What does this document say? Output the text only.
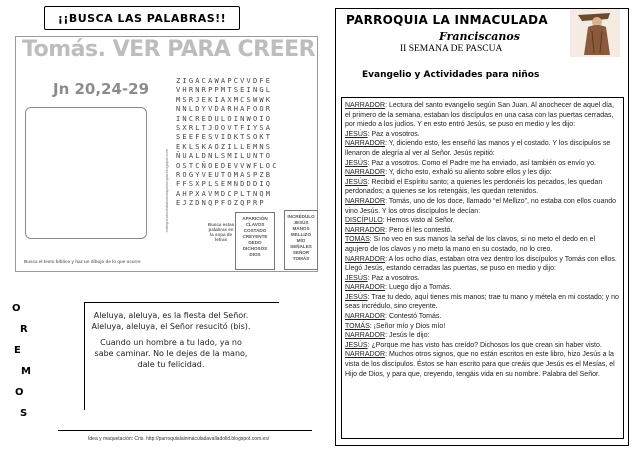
¡¡BUSCA LAS PALABRAS!!
Tomás. VER PARA CREER
Jn 20,24-29
catequesiscristianaenlaparroquia.blogspot.com
ZIGACAWAPCVVDFE
VHRNRPPMTSEINGL
MSRJEKIAXMCSWWK
NNLDYVDARHAFOOR
INCREDULOINWOIO
SXRLTJOOVTFIYSA
SEEFESVIDKTSOKT
EKLSKAOZILLEMNS
ÑUALDNLSMILUNTO
OSTCÑOEDEVVWFLOC
ROGYVEUTOMASPZB
FFSXPLSEMNDDDIQ
AHPXAVMDCPLTNQM
EJZDNQPFOZQPRP
Busca estas palabras en la sopa de letras
APARICIÓN
CLAVOS
COSTADO
CREYENTE
DEDO
DICHOSOS
DIOS
INCRÉDULO
JESÚS
MANOS
MELLIZO
MÍO
SEÑALES
SEÑOR
TOMÁS
Busca el texto bíblico y haz un dibujo de lo que ocurre
O
R
E
M
O
S

Aleluya, aleluya, es la fiesta del Señor.

Aleluya, aleluya, el Señor resucitó (bis).

Cuando un hombre a tu lado, ya no sabe caminar. No le dejes de la mano, dale tu felicidad.

Idea y maquetación: Cris. http://parroquialainmaculadavalladolid.blogspot.com.es/
PARROQUIA LA INMACULADA
Franciscanos
II SEMANA DE PASCUA
Evangelio y Actividades para niños

NARRADOR: Lectura del santo evangelio según San Juan. Al anochecer de aquel día, el primero de la semana, estaban los discípulos en una casa con las puertas cerradas, por miedo a los judíos. Y en esto entró Jesús, se puso en medio y les dijo:

JESÚS: Paz a vosotros.

NARRADOR: Y, diciendo esto, les enseñó las manos y el costado. Y los discípulos se llenaron de alegría al ver al Señor. Jesús repitió:

JESÚS: Paz a vosotros. Como el Padre me ha enviado, así también os envío yo.

NARRADOR: Y, dicho esto, exhaló su aliento sobre ellos y les dijo:

JESÚS: Recibid el Espíritu santo; a quienes les perdonéis los pecados, les quedan perdonados; a quienes se los retengáis, les quedan retenidos.

NARRADOR: Tomás, uno de los doce, llamado “el Mellizo”, no estaba con ellos cuando vino Jesús. Y los otros discípulos le decían:

DISCÍPULO: Hemos visto al Señor.

NARRADOR: Pero él les contestó.

TOMÁS: Si no veo en sus manos la señal de los clavos, si no meto el dedo en el agujero de los clavos y no meto la mano en su costado, no lo creo.

NARRADOR: A los ocho días, estaban otra vez dentro los discípulos y Tomás con ellos. Llegó Jesús, estando cerradas las puertas, se puso en medio y dijo:

JESÚS: Paz a vosotros.

NARRADOR: Luego dijo a Tomás.

JESÚS: Trae tu dedo, aquí tienes mis manos; trae tu mano y métela en mi costado; y no seas incrédulo, sino creyente.

NARRADOR: Contestó Tomás.

TOMÁS: ¡Señor mío y Dios mío!

NARRADOR: Jesús le dijo:

JESÚS: ¿Porque me has visto has creído? Dichosos los que crean sin haber visto.

NARRADOR: Muchos otros signos, que no están escritos en este libro, hizo Jesús a la vista de los discípulos. Éstos se han escrito para que creáis que Jesús es el Mesías, el Hijo de Dios, y para que, creyendo, tengáis vida en su nombre. Palabra del Señor.
